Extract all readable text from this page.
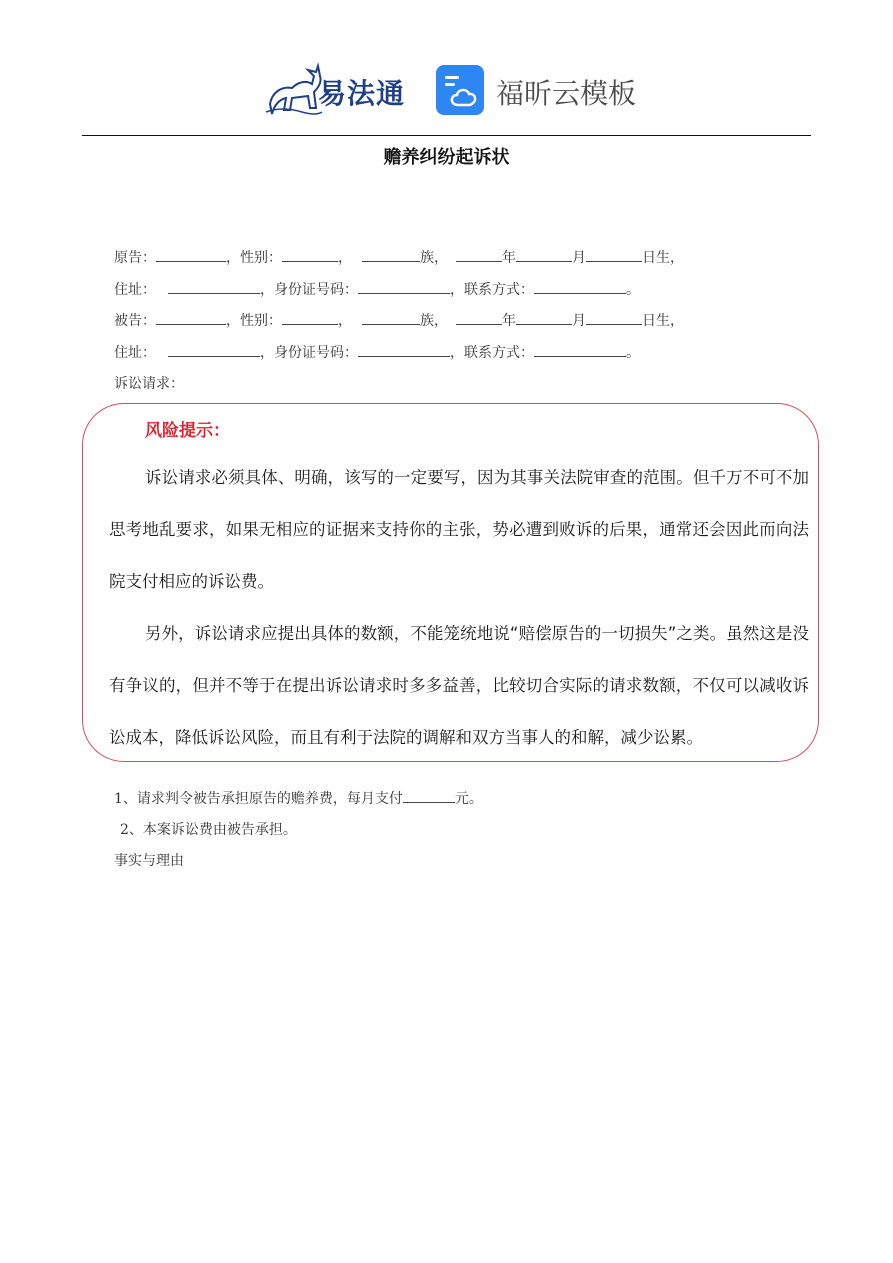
易法通	福昕云模板
赡养纠纷起诉状
原告：	，性别：	，	族，	年	月	日生，
住址：	，身份证号码：	，联系方式：	。
被告：	，性别：	，	族，	年	月	日生，
住址：	，身份证号码：	，联系方式：	。
诉讼请求：
风险提示：

诉讼请求必须具体、明确，该写的一定要写，因为其事关法院审查的范围。但千万不可不加思考地乱要求，如果无相应的证据来支持你的主张，势必遭到败诉的后果，通常还会因此而向法院支付相应的诉讼费。

另外，诉讼请求应提出具体的数额，不能笼统地说“赔偿原告的一切损失”之类。虽然这是没有争议的，但并不等于在提出诉讼请求时多多益善，比较切合实际的请求数额，不仅可以减收诉讼成本，降低诉讼风险，而且有利于法院的调解和双方当事人的和解，减少讼累。

1、请求判令被告承担原告的赡养费，每月支付	元。
2、本案诉讼费由被告承担。
事实与理由
